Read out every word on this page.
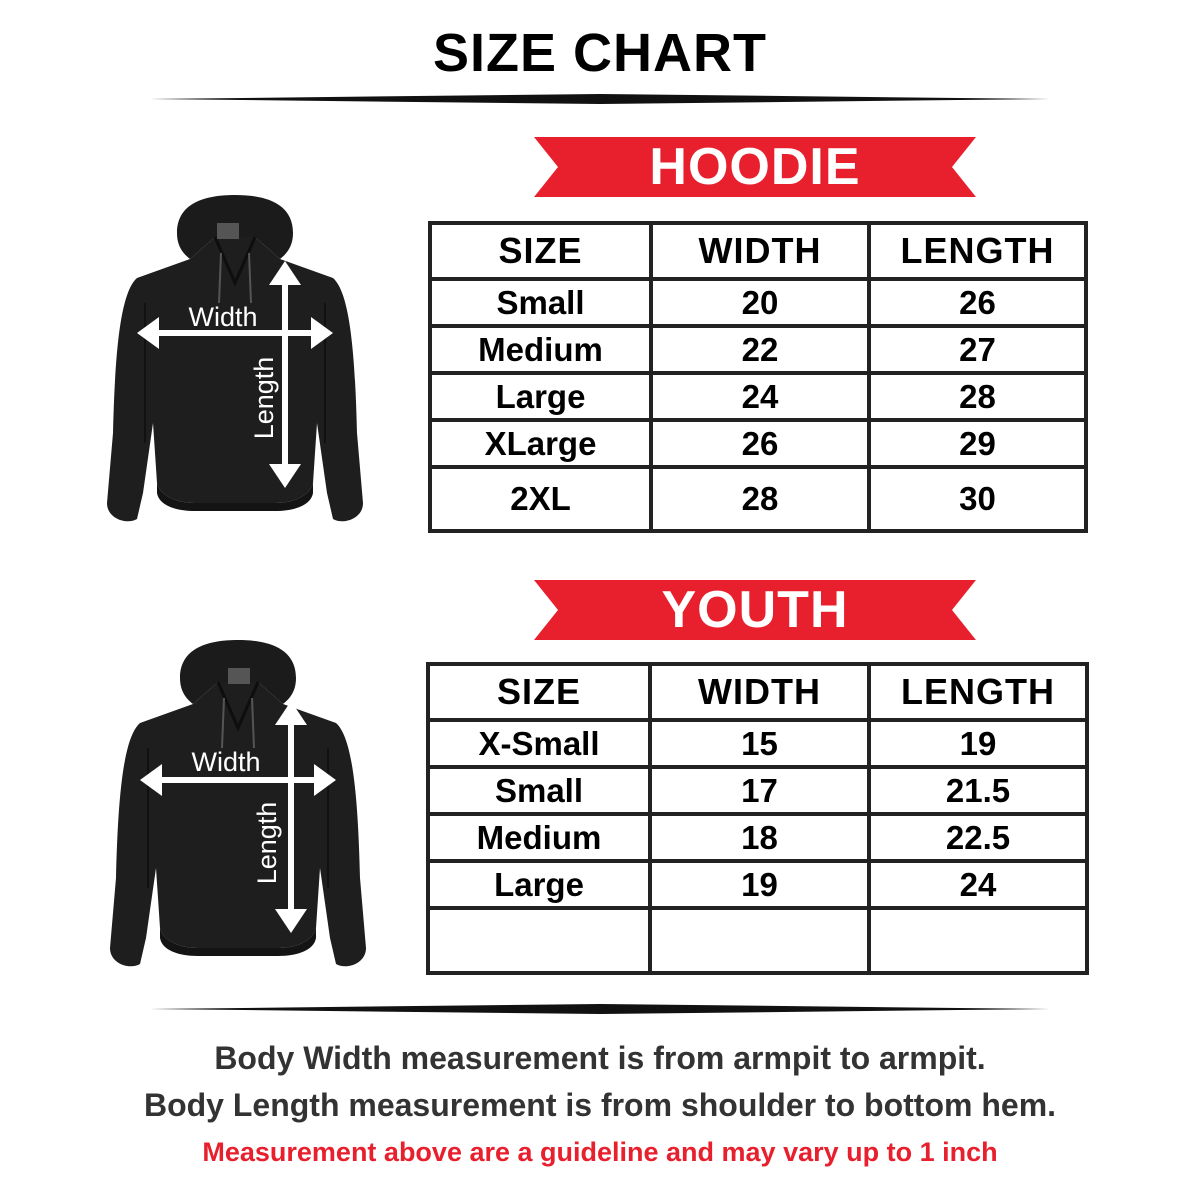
SIZE CHART
HOODIE
Width
Length
SIZE	WIDTH	LENGTH
Small	20	26
Medium	22	27
Large	24	28
XLarge	26	29
2XL	28	30
YOUTH
Width
Length
SIZE	WIDTH	LENGTH
X-Small	15	19
Small	17	21.5
Medium	18	22.5
Large	19	24

Body Width measurement is from armpit to armpit.
Body Length measurement is from shoulder to bottom hem.
Measurement above are a guideline and may vary up to 1 inch
